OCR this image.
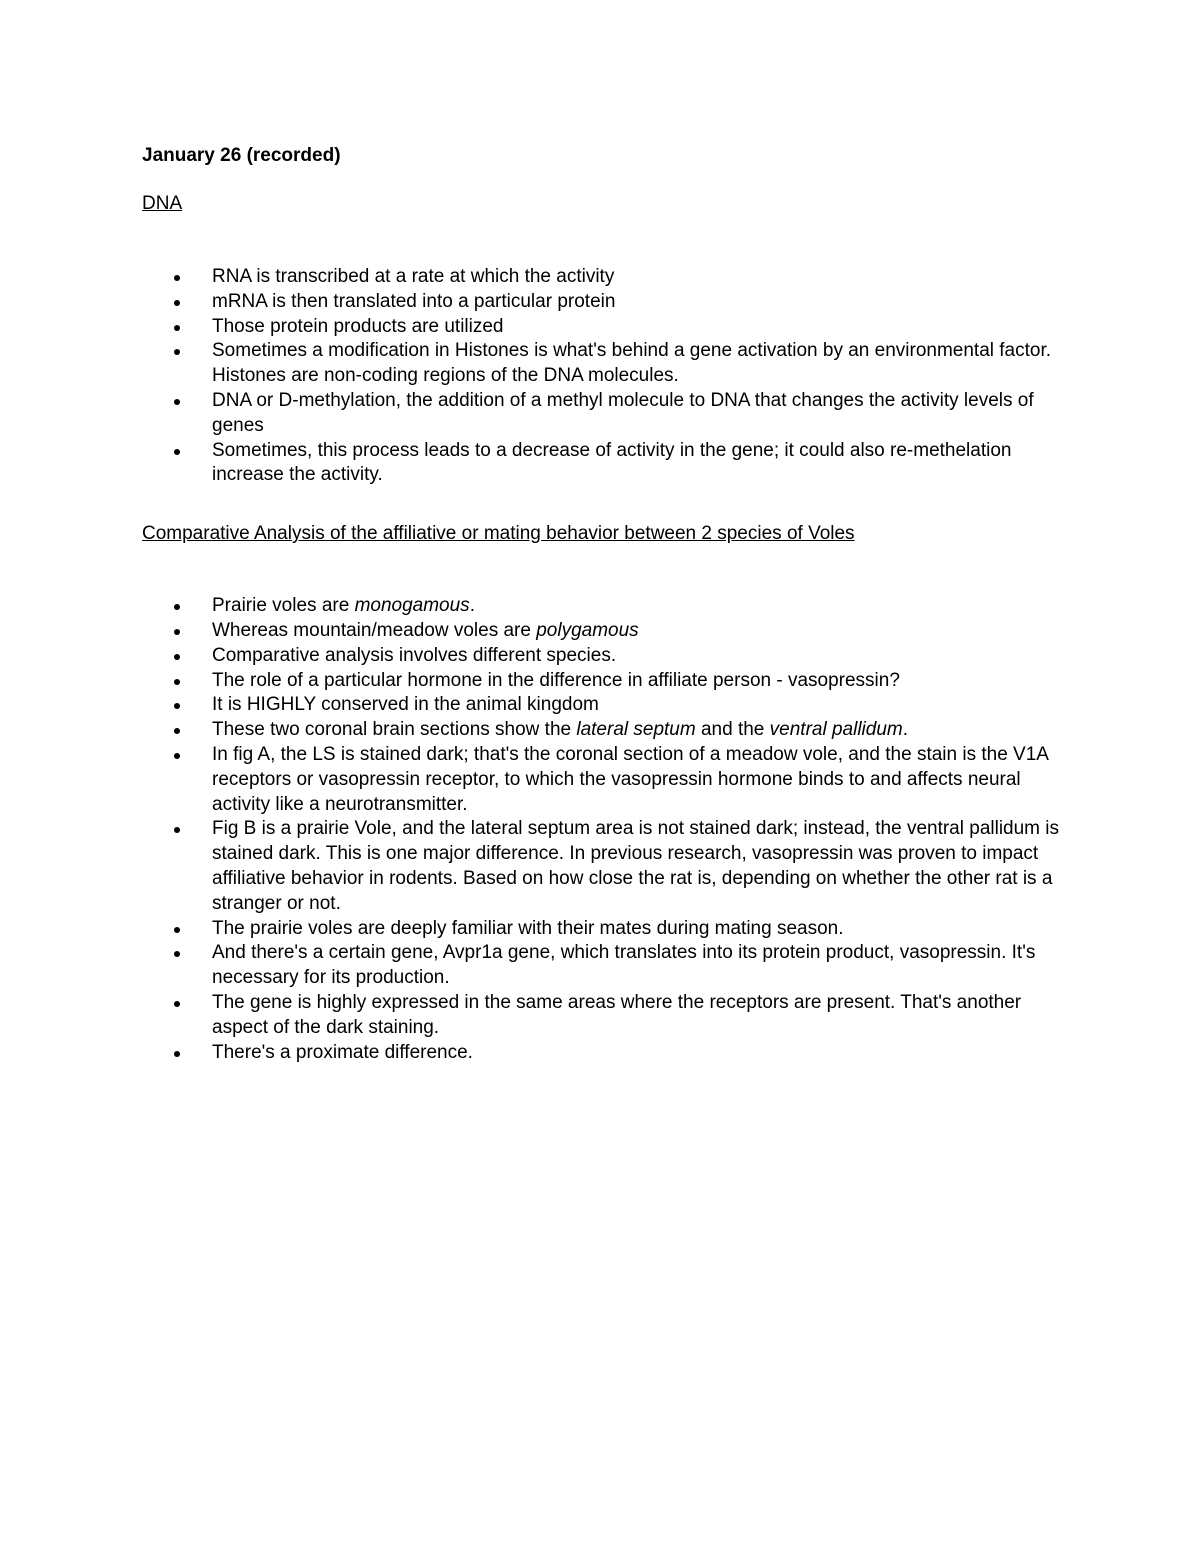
January 26 (recorded)
DNA
RNA is transcribed at a rate at which the activity
mRNA is then translated into a particular protein
Those protein products are utilized
Sometimes a modification in Histones is what's behind a gene activation by an environmental factor. Histones are non-coding regions of the DNA molecules.
DNA or D-methylation, the addition of a methyl molecule to DNA that changes the activity levels of genes
Sometimes, this process leads to a decrease of activity in the gene; it could also re-methelation increase the activity.
Comparative Analysis of the affiliative or mating behavior between 2 species of Voles
Prairie voles are monogamous.
Whereas mountain/meadow voles are polygamous
Comparative analysis involves different species.
The role of a particular hormone in the difference in affiliate person - vasopressin?
It is HIGHLY conserved in the animal kingdom
These two coronal brain sections show the lateral septum and the ventral pallidum.
In fig A, the LS is stained dark; that's the coronal section of a meadow vole, and the stain is the V1A receptors or vasopressin receptor, to which the vasopressin hormone binds to and affects neural activity like a neurotransmitter.
Fig B is a prairie Vole, and the lateral septum area is not stained dark; instead, the ventral pallidum is stained dark. This is one major difference. In previous research, vasopressin was proven to impact affiliative behavior in rodents. Based on how close the rat is, depending on whether the other rat is a stranger or not.
The prairie voles are deeply familiar with their mates during mating season.
And there's a certain gene, Avpr1a gene, which translates into its protein product, vasopressin. It's necessary for its production.
The gene is highly expressed in the same areas where the receptors are present. That's another aspect of the dark staining.
There's a proximate difference.
